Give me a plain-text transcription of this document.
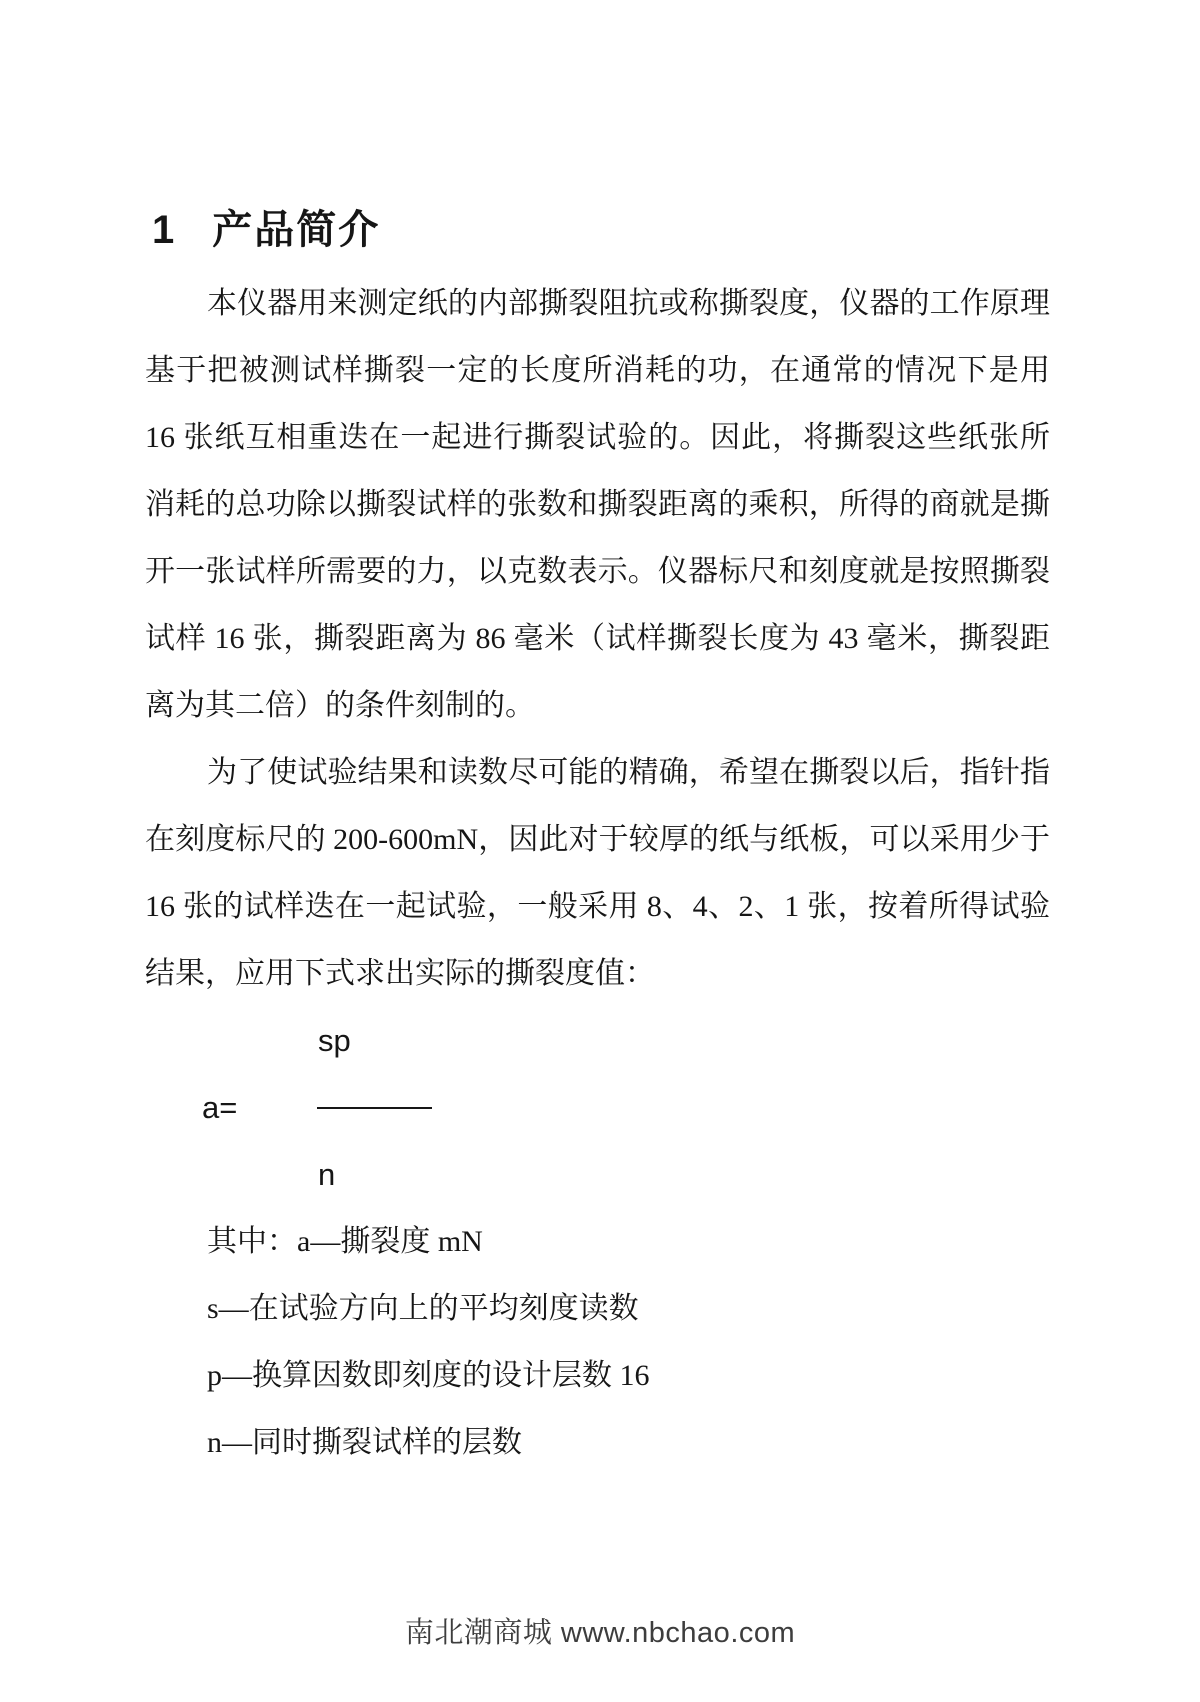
1 产品简介
本仪器用来测定纸的内部撕裂阻抗或称撕裂度，仪器的工作原理
基于把被测试样撕裂一定的长度所消耗的功，在通常的情况下是用
16 张纸互相重迭在一起进行撕裂试验的。因此，将撕裂这些纸张所
消耗的总功除以撕裂试样的张数和撕裂距离的乘积，所得的商就是撕
开一张试样所需要的力，以克数表示。仪器标尺和刻度就是按照撕裂
试样 16 张，撕裂距离为 86 毫米（试样撕裂长度为 43 毫米，撕裂距
离为其二倍）的条件刻制的。
为了使试验结果和读数尽可能的精确，希望在撕裂以后，指针指
在刻度标尺的 200-600mN，因此对于较厚的纸与纸板，可以采用少于
16 张的试样迭在一起试验，一般采用 8、4、2、1 张，按着所得试验
结果，应用下式求出实际的撕裂度值：
sp
a=
n
其中：a—撕裂度 mN
s—在试验方向上的平均刻度读数
p—换算因数即刻度的设计层数 16
n—同时撕裂试样的层数
南北潮商城 www.nbchao.com
